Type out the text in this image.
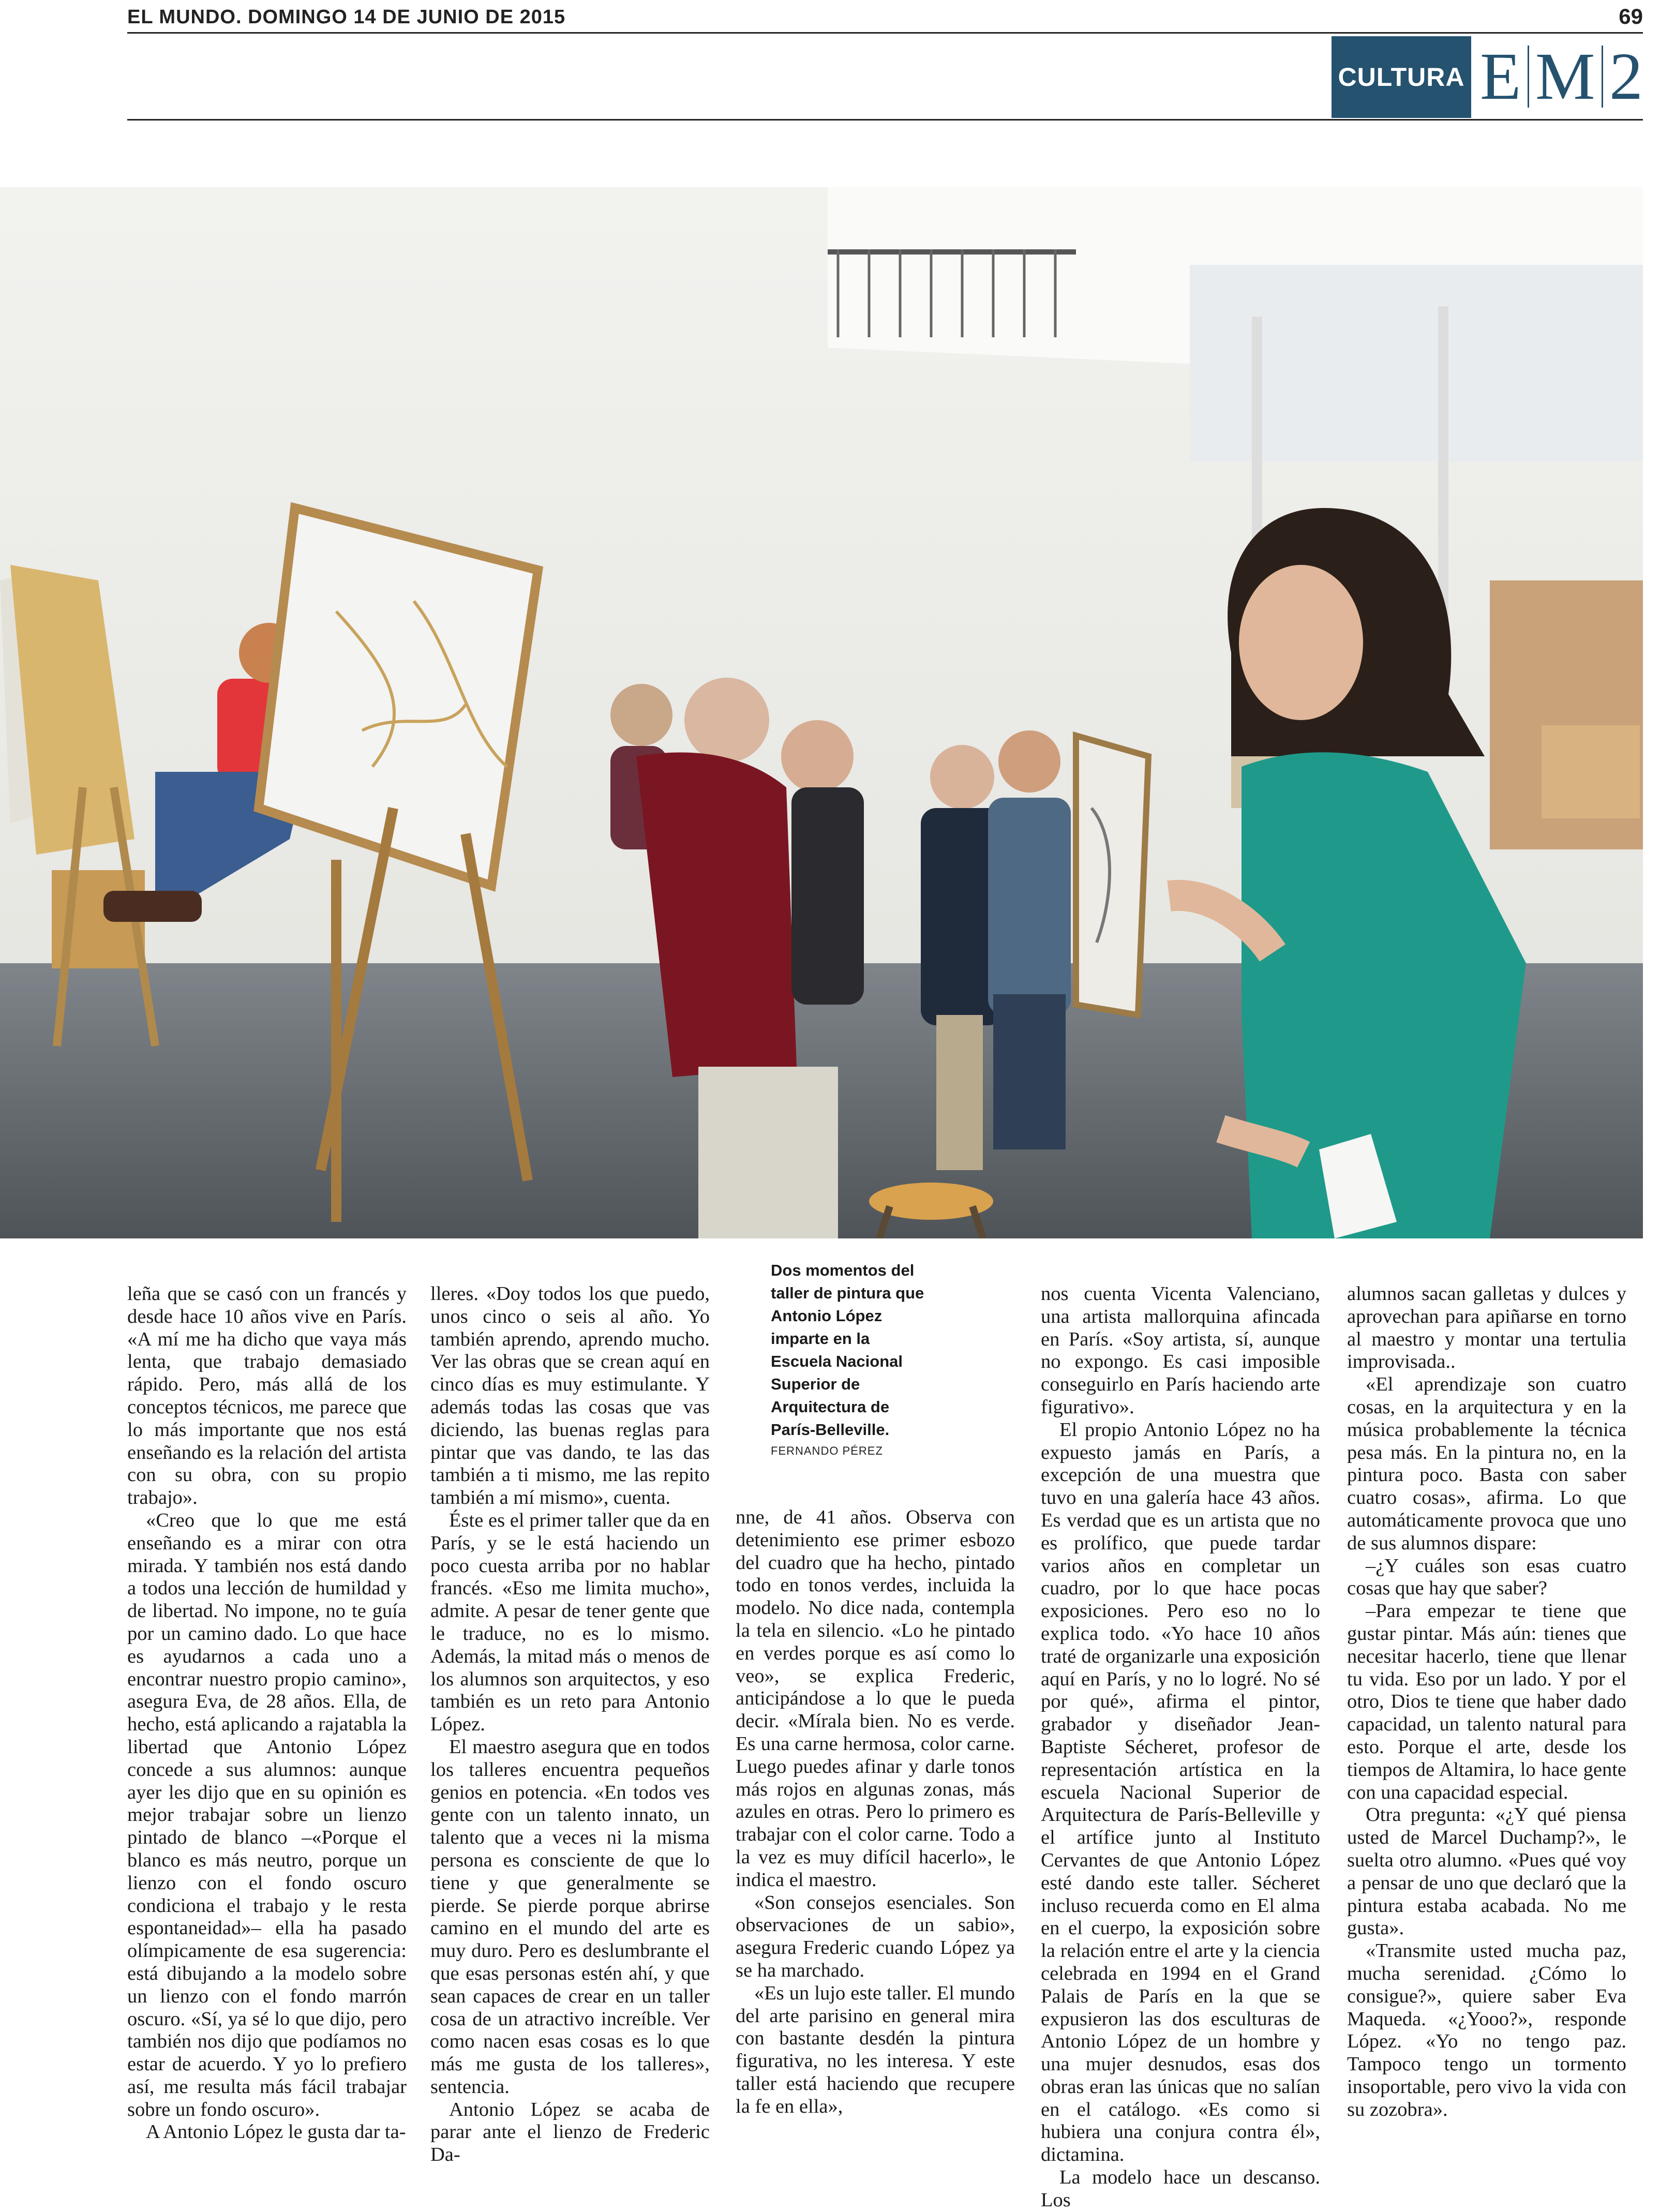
EL MUNDO. DOMINGO 14 DE JUNIO DE 2015	69
CULTURA E M 2

Dos momentos del taller de pintura que Antonio López imparte en la Escuela Nacional Superior de Arquitectura de París-Belleville.

FERNANDO PÉREZ

leña que se casó con un francés y desde hace 10 años vive en París. «A mí me ha dicho que vaya más lenta, que trabajo demasiado rápido. Pero, más allá de los conceptos técnicos, me parece que lo más importante que nos está enseñando es la relación del artista con su obra, con su propio trabajo».

«Creo que lo que me está enseñando es a mirar con otra mirada. Y también nos está dando a todos una lección de humildad y de libertad. No impone, no te guía por un camino dado. Lo que hace es ayudarnos a cada uno a encontrar nuestro propio camino», asegura Eva, de 28 años. Ella, de hecho, está aplicando a rajatabla la libertad que Antonio López concede a sus alumnos: aunque ayer les dijo que en su opinión es mejor trabajar sobre un lienzo pintado de blanco –«Porque el blanco es más neutro, porque un lienzo con el fondo oscuro condiciona el trabajo y le resta espontaneidad»– ella ha pasado olímpicamente de esa sugerencia: está dibujando a la modelo sobre un lienzo con el fondo marrón oscuro. «Sí, ya sé lo que dijo, pero también nos dijo que podíamos no estar de acuerdo. Y yo lo prefiero así, me resulta más fácil trabajar sobre un fondo oscuro».

A Antonio López le gusta dar ta-

lleres. «Doy todos los que puedo, unos cinco o seis al año. Yo también aprendo, aprendo mucho. Ver las obras que se crean aquí en cinco días es muy estimulante. Y además todas las cosas que vas diciendo, las buenas reglas para pintar que vas dando, te las das también a ti mismo, me las repito también a mí mismo», cuenta.

Éste es el primer taller que da en París, y se le está haciendo un poco cuesta arriba por no hablar francés. «Eso me limita mucho», admite. A pesar de tener gente que le traduce, no es lo mismo. Además, la mitad más o menos de los alumnos son arquitectos, y eso también es un reto para Antonio López.

El maestro asegura que en todos los talleres encuentra pequeños genios en potencia. «En todos ves gente con un talento innato, un talento que a veces ni la misma persona es consciente de que lo tiene y que generalmente se pierde. Se pierde porque abrirse camino en el mundo del arte es muy duro. Pero es deslumbrante el que esas personas estén ahí, y que sean capaces de crear en un taller cosa de un atractivo increíble. Ver como nacen esas cosas es lo que más me gusta de los talleres», sentencia.

Antonio López se acaba de parar ante el lienzo de Frederic Da-

nne, de 41 años. Observa con detenimiento ese primer esbozo del cuadro que ha hecho, pintado todo en tonos verdes, incluida la modelo. No dice nada, contempla la tela en silencio. «Lo he pintado en verdes porque es así como lo veo», se explica Frederic, anticipándose a lo que le pueda decir. «Mírala bien. No es verde. Es una carne hermosa, color carne. Luego puedes afinar y darle tonos más rojos en algunas zonas, más azules en otras. Pero lo primero es trabajar con el color carne. Todo a la vez es muy difícil hacerlo», le indica el maestro.

«Son consejos esenciales. Son observaciones de un sabio», asegura Frederic cuando López ya se ha marchado.

«Es un lujo este taller. El mundo del arte parisino en general mira con bastante desdén la pintura figurativa, no les interesa. Y este taller está haciendo que recupere la fe en ella»,

nos cuenta Vicenta Valenciano, una artista mallorquina afincada en París. «Soy artista, sí, aunque no expongo. Es casi imposible conseguirlo en París haciendo arte figurativo».

El propio Antonio López no ha expuesto jamás en París, a excepción de una muestra que tuvo en una galería hace 43 años. Es verdad que es un artista que no es prolífico, que puede tardar varios años en completar un cuadro, por lo que hace pocas exposiciones. Pero eso no lo explica todo. «Yo hace 10 años traté de organizarle una exposición aquí en París, y no lo logré. No sé por qué», afirma el pintor, grabador y diseñador Jean-Baptiste Sécheret, profesor de representación artística en la escuela Nacional Superior de Arquitectura de París-Belleville y el artífice junto al Instituto Cervantes de que Antonio López esté dando este taller. Sécheret incluso recuerda como en El alma en el cuerpo, la exposición sobre la relación entre el arte y la ciencia celebrada en 1994 en el Grand Palais de París en la que se expusieron las dos esculturas de Antonio López de un hombre y una mujer desnudos, esas dos obras eran las únicas que no salían en el catálogo. «Es como si hubiera una conjura contra él», dictamina.

La modelo hace un descanso. Los

alumnos sacan galletas y dulces y aprovechan para apiñarse en torno al maestro y montar una tertulia improvisada..

«El aprendizaje son cuatro cosas, en la arquitectura y en la música probablemente la técnica pesa más. En la pintura no, en la pintura poco. Basta con saber cuatro cosas», afirma. Lo que automáticamente provoca que uno de sus alumnos dispare:

–¿Y cuáles son esas cuatro cosas que hay que saber?

–Para empezar te tiene que gustar pintar. Más aún: tienes que necesitar hacerlo, tiene que llenar tu vida. Eso por un lado. Y por el otro, Dios te tiene que haber dado capacidad, un talento natural para esto. Porque el arte, desde los tiempos de Altamira, lo hace gente con una capacidad especial.

Otra pregunta: «¿Y qué piensa usted de Marcel Duchamp?», le suelta otro alumno. «Pues qué voy a pensar de uno que declaró que la pintura estaba acabada. No me gusta».

«Transmite usted mucha paz, mucha serenidad. ¿Cómo lo consigue?», quiere saber Eva Maqueda. «¿Yooo?», responde López. «Yo no tengo paz. Tampoco tengo un tormento insoportable, pero vivo la vida con su zozobra».
